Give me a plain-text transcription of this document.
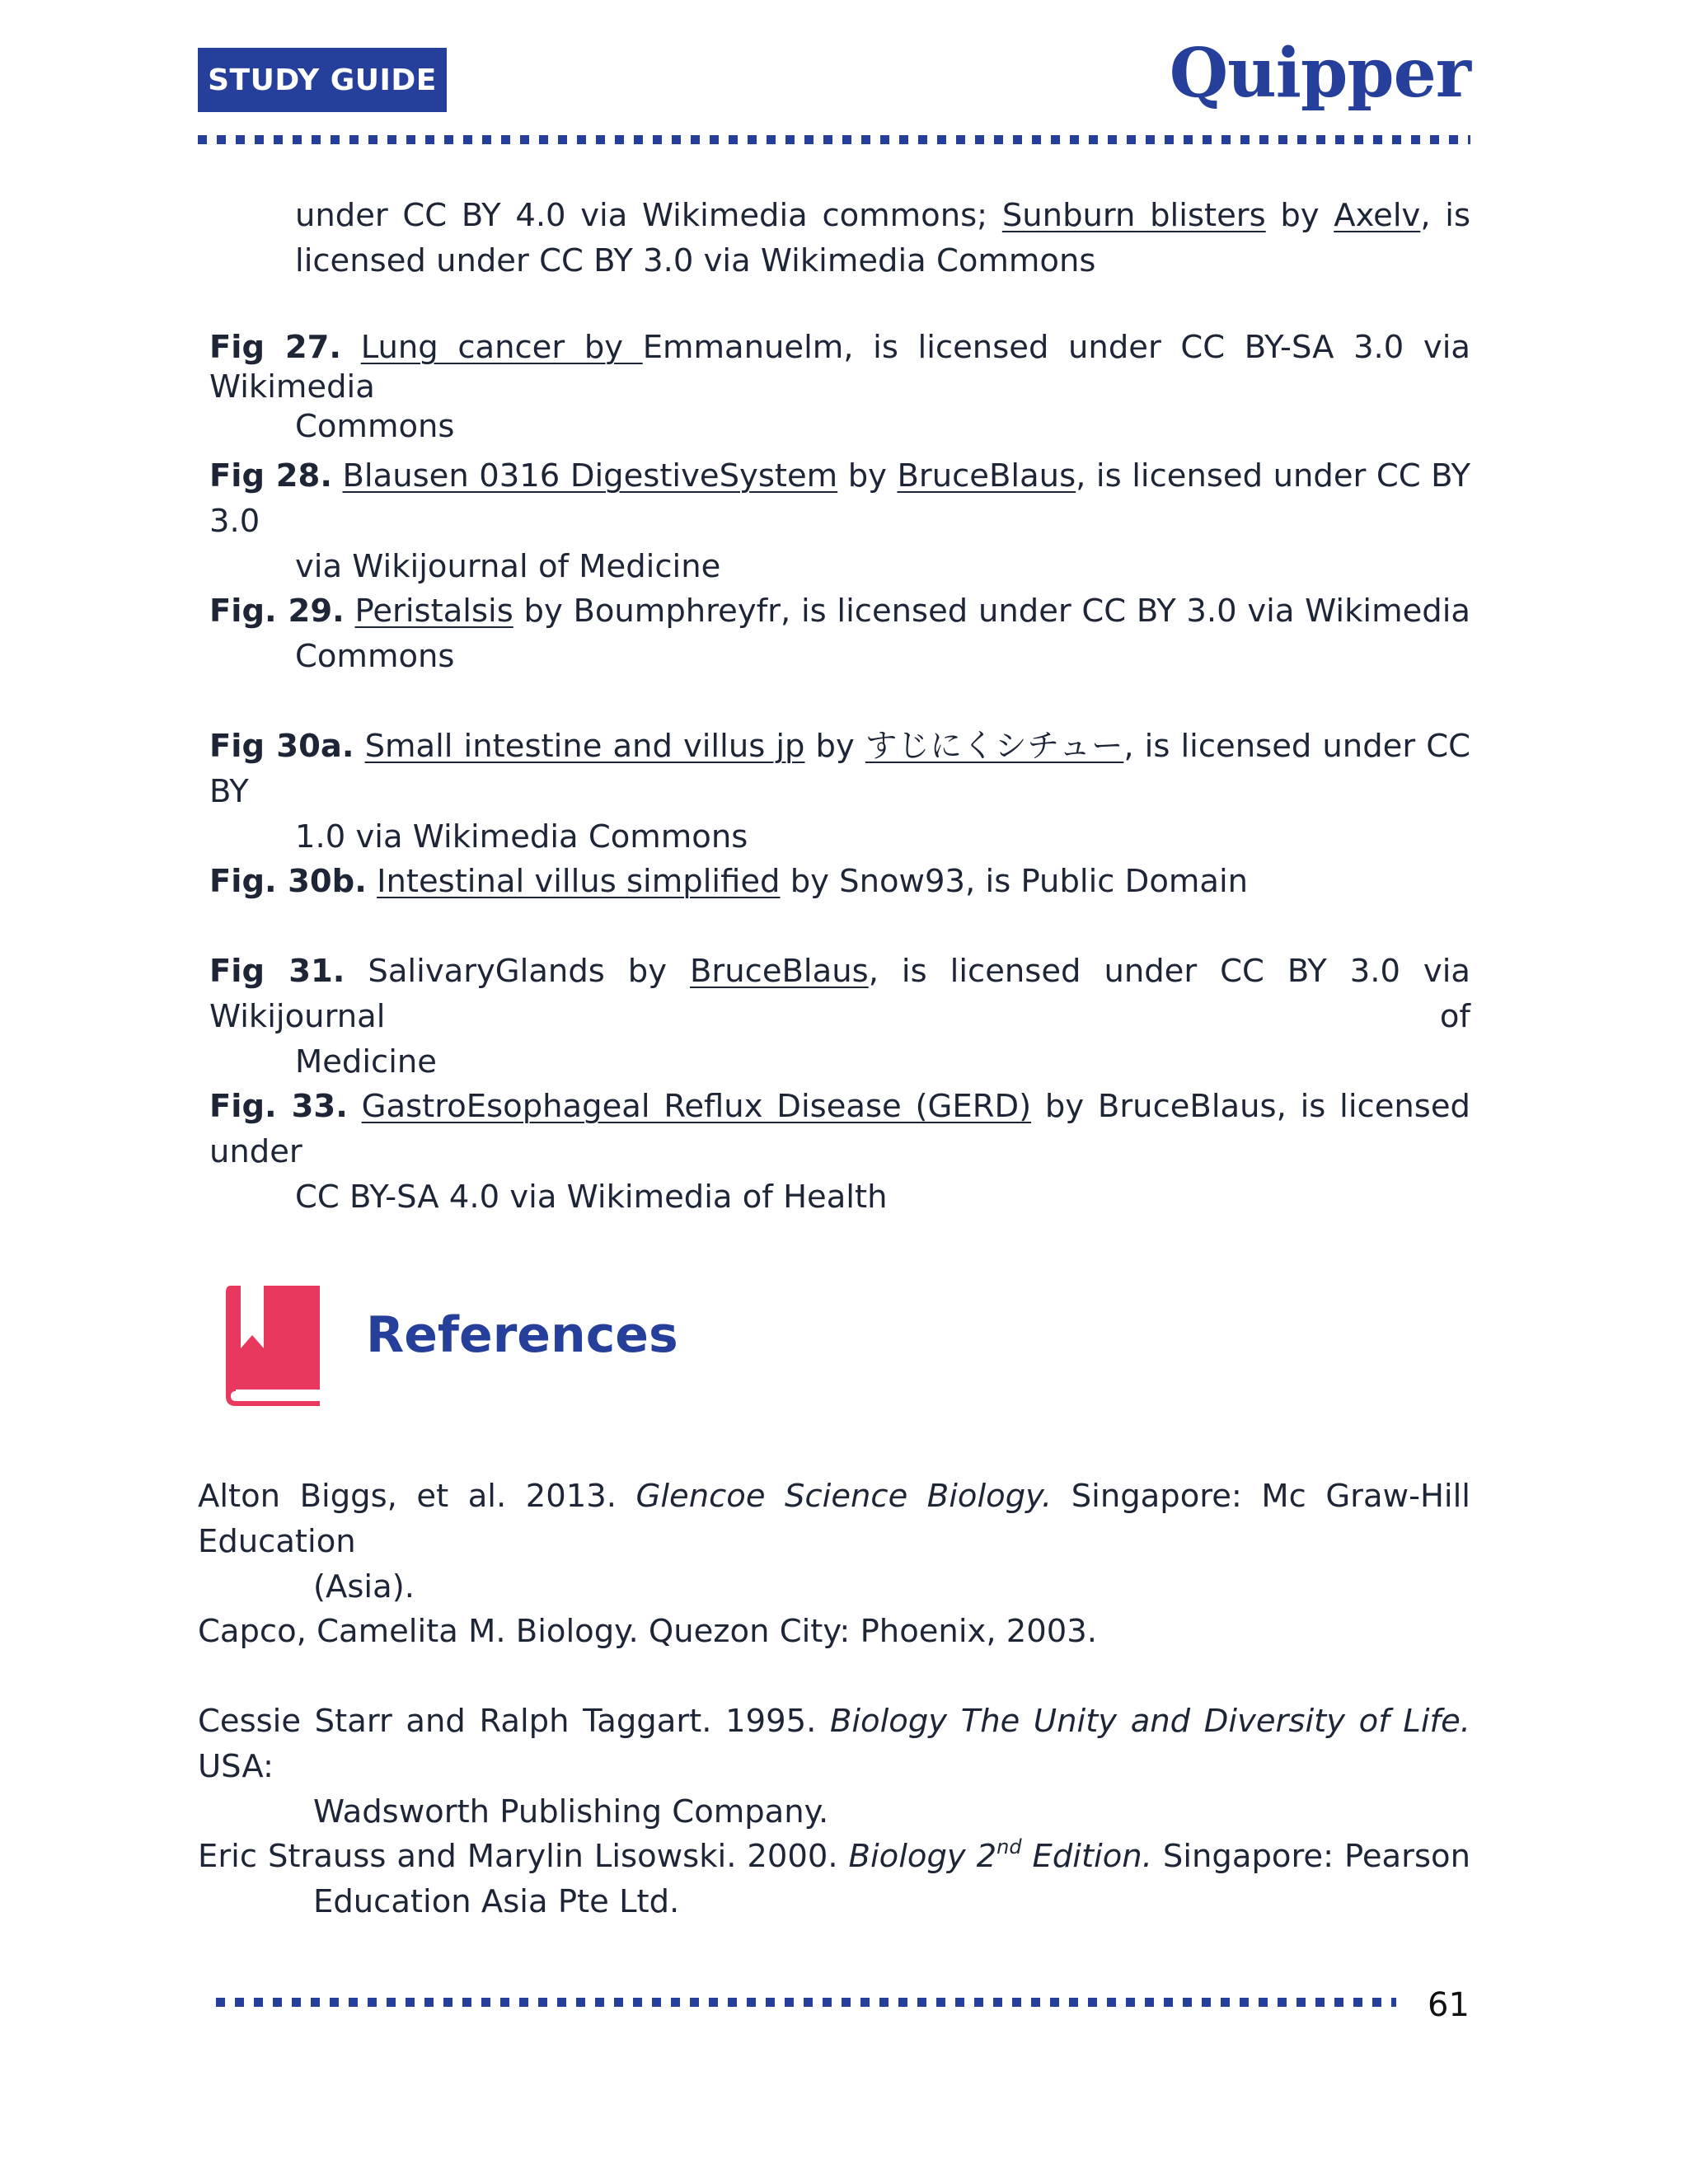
STUDY GUIDE	Quipper

under CC BY 4.0 via Wikimedia commons; Sunburn blisters by Axelv, is
licensed under CC BY 3.0 via Wikimedia Commons

Fig 27. Lung cancer by Emmanuelm, is licensed under CC BY-SA 3.0 via Wikimedia
Commons

Fig 28. Blausen 0316 DigestiveSystem by BruceBlaus, is licensed under CC BY 3.0
via Wikijournal of Medicine

Fig. 29. Peristalsis by Boumphreyfr, is licensed under CC BY 3.0 via Wikimedia
Commons

Fig 30a. Small intestine and villus jp by すじにくシチュー, is licensed under CC BY
1.0 via Wikimedia Commons

Fig. 30b. Intestinal villus simplified by Snow93, is Public Domain

Fig 31. SalivaryGlands by BruceBlaus, is licensed under CC BY 3.0 via Wikijournal of
Medicine

Fig. 33. GastroEsophageal Reflux Disease (GERD) by BruceBlaus, is licensed under
CC BY-SA 4.0 via Wikimedia of Health

References

Alton Biggs, et al. 2013. Glencoe Science Biology. Singapore: Mc Graw-Hill Education
(Asia).

Capco, Camelita M. Biology. Quezon City: Phoenix, 2003.

Cessie Starr and Ralph Taggart. 1995. Biology The Unity and Diversity of Life. USA:
Wadsworth Publishing Company.

Eric Strauss and Marylin Lisowski. 2000. Biology 2nd Edition. Singapore: Pearson
Education Asia Pte Ltd.

61
